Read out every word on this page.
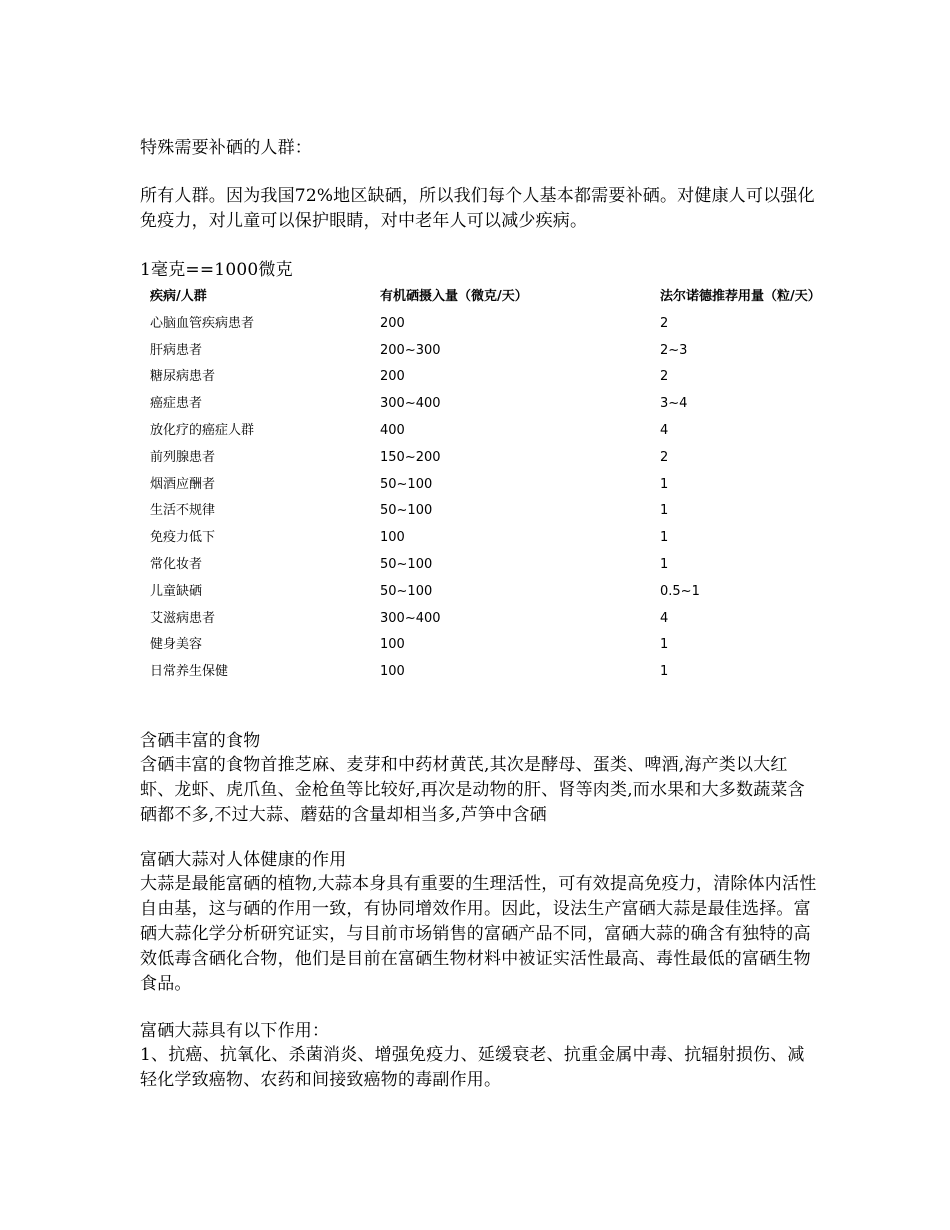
特殊需要补硒的人群：

所有人群。因为我国72%地区缺硒，所以我们每个人基本都需要补硒。对健康人可以强化免疫力，对儿童可以保护眼睛，对中老年人可以减少疾病。

1毫克==1000微克

疾病/人群	有机硒摄入量（微克/天）	法尔诺德推荐用量（粒/天）
心脑血管疾病患者	200	2
肝病患者	200~300	2~3
糖尿病患者	200	2
癌症患者	300~400	3~4
放化疗的癌症人群	400	4
前列腺患者	150~200	2
烟酒应酬者	50~100	1
生活不规律	50~100	1
免疫力低下	100	1
常化妆者	50~100	1
儿童缺硒	50~100	0.5~1
艾滋病患者	300~400	4
健身美容	100	1
日常养生保健	100	1

含硒丰富的食物

含硒丰富的食物首推芝麻、麦芽和中药材黄芪,其次是酵母、蛋类、啤酒,海产类以大红虾、龙虾、虎爪鱼、金枪鱼等比较好,再次是动物的肝、肾等肉类,而水果和大多数蔬菜含硒都不多,不过大蒜、蘑菇的含量却相当多,芦笋中含硒

富硒大蒜对人体健康的作用

大蒜是最能富硒的植物,大蒜本身具有重要的生理活性，可有效提高免疫力，清除体内活性自由基，这与硒的作用一致，有协同增效作用。因此，设法生产富硒大蒜是最佳选择。富硒大蒜化学分析研究证实，与目前市场销售的富硒产品不同，富硒大蒜的确含有独特的高效低毒含硒化合物，他们是目前在富硒生物材料中被证实活性最高、毒性最低的富硒生物食品。

富硒大蒜具有以下作用：

1、抗癌、抗氧化、杀菌消炎、增强免疫力、延缓衰老、抗重金属中毒、抗辐射损伤、减轻化学致癌物、农药和间接致癌物的毒副作用。
